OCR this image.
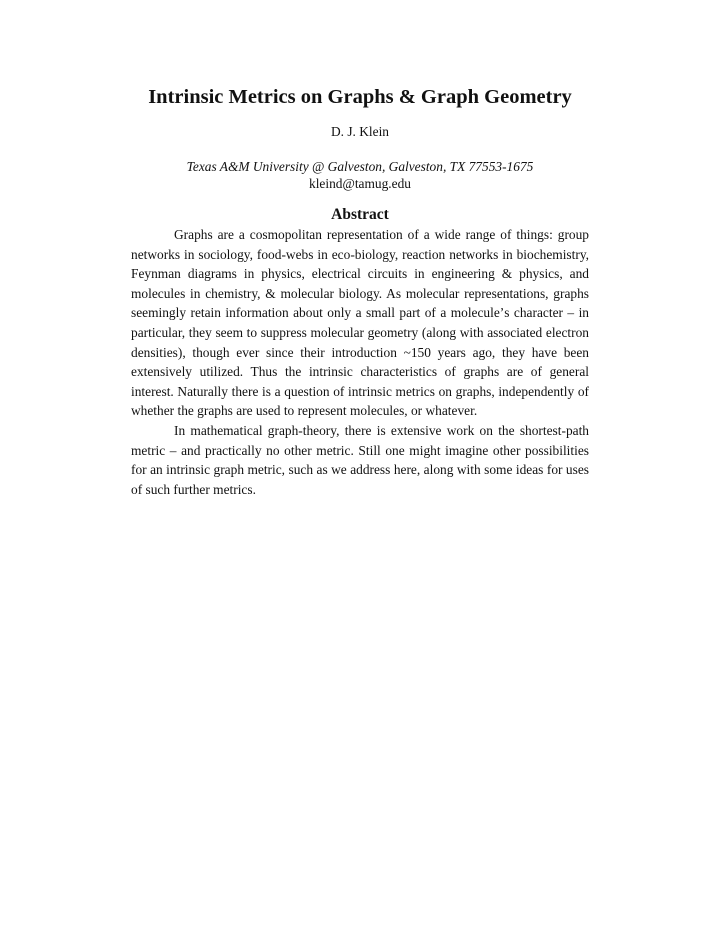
Intrinsic Metrics on Graphs & Graph Geometry
D. J. Klein
Texas A&M University @ Galveston, Galveston, TX 77553-1675
kleind@tamug.edu
Abstract

Graphs are a cosmopolitan representation of a wide range of things: group networks in sociology, food-webs in eco-biology, reaction networks in biochemistry, Feynman diagrams in physics, electrical circuits in engineering & physics, and molecules in chemistry, & molecular biology. As molecular representations, graphs seemingly retain information about only a small part of a moleculeʼs character – in particular, they seem to suppress molecular geometry (along with associated electron densities), though ever since their introduction ~150 years ago, they have been extensively utilized. Thus the intrinsic characteristics of graphs are of general interest. Naturally there is a question of intrinsic metrics on graphs, independently of whether the graphs are used to represent molecules, or whatever.

In mathematical graph-theory, there is extensive work on the shortest-path metric – and practically no other metric. Still one might imagine other possibilities for an intrinsic graph metric, such as we address here, along with some ideas for uses of such further metrics.
